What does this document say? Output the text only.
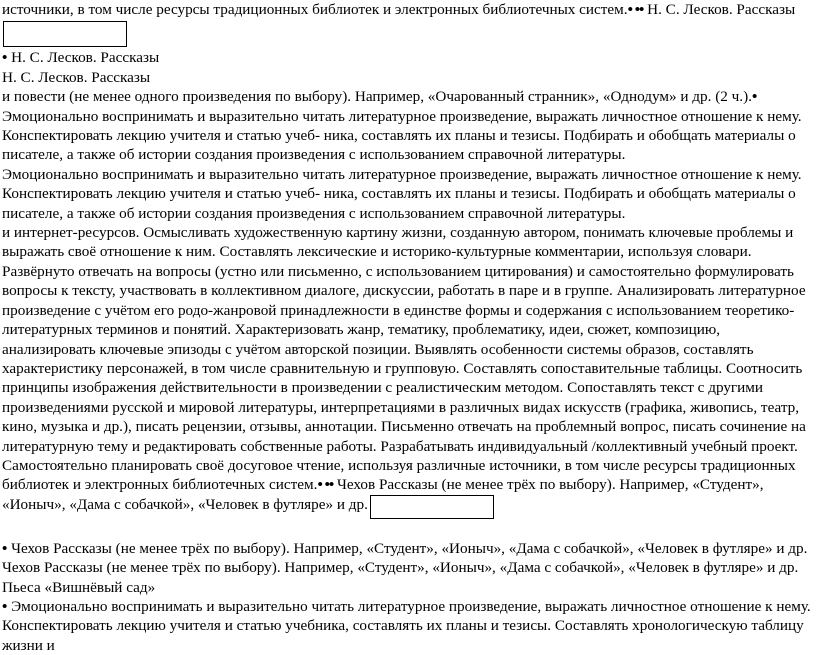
источники, в том числе ресурсы традиционных библиотек и электронных библиотечных систем.• •• Н. С. Лесков. Рассказы
• Н. С. Лесков. Рассказы
Н. С. Лесков. Рассказы
и повести (не менее одного произведения по выбору). Например, «Очарованный странник», «Однодум» и др. (2 ч.).• Эмоционально воспринимать и выразительно читать литературное произведение, выражать личностное отношение к нему. Конспектировать лекцию учителя и статью учеб- ника, составлять их планы и тезисы. Подбирать и обобщать материалы о писателе, а также об истории создания произведения с использованием справочной литературы.
Эмоционально воспринимать и выразительно читать литературное произведение, выражать личностное отношение к нему. Конспектировать лекцию учителя и статью учеб- ника, составлять их планы и тезисы. Подбирать и обобщать материалы о писателе, а также об истории создания произведения с использованием справочной литературы.
и интернет-ресурсов. Осмысливать художественную картину жизни, созданную автором, понимать ключевые проблемы и выражать своё отношение к ним. Составлять лексические и историко-культурные комментарии, используя словари. Развёрнуто отвечать на вопросы (устно или письменно, с использованием цитирования) и самостоятельно формулировать вопросы к тексту, участвовать в коллективном диалоге, дискуссии, работать в паре и в группе. Анализировать литературное произведение с учётом его родо-жанровой принадлежности в единстве формы и содержания с использованием теоретико-литературных терминов и понятий. Характеризовать жанр, тематику, проблематику, идеи, сюжет, композицию, анализировать ключевые эпизоды с учётом авторской позиции. Выявлять особенности системы образов, составлять характеристику персонажей, в том числе сравнительную и групповую. Составлять сопоставительные таблицы. Соотносить принципы изображения действительности в произведении с реалистическим методом. Сопоставлять текст с другими произведениями русской и мировой литературы, интерпретациями в различных видах искусств (графика, живопись, театр, кино, музыка и др.), писать рецензии, отзывы, аннотации. Письменно отвечать на проблемный вопрос, писать сочинение на литературную тему и редактировать собственные работы. Разрабатывать индивидуальный /коллективный учебный проект. Самостоятельно планировать своё досуговое чтение, используя различные источники, в том числе ресурсы традиционных библиотек и электронных библиотечных систем.• •• Чехов Рассказы (не менее трёх по выбору). Например, «Студент», «Ионыч», «Дама с собачкой», «Человек в футляре» и др.
• Чехов Рассказы (не менее трёх по выбору). Например, «Студент», «Ионыч», «Дама с собачкой», «Человек в футляре» и др.
Чехов Рассказы (не менее трёх по выбору). Например, «Студент», «Ионыч», «Дама с собачкой», «Человек в футляре» и др.
Пьеса «Вишнёвый сад»
• Эмоционально воспринимать и выразительно читать литературное произведение, выражать личностное отношение к нему. Конспектировать лекцию учителя и статью учебника, составлять их планы и тезисы. Составлять хронологическую таблицу жизни и
